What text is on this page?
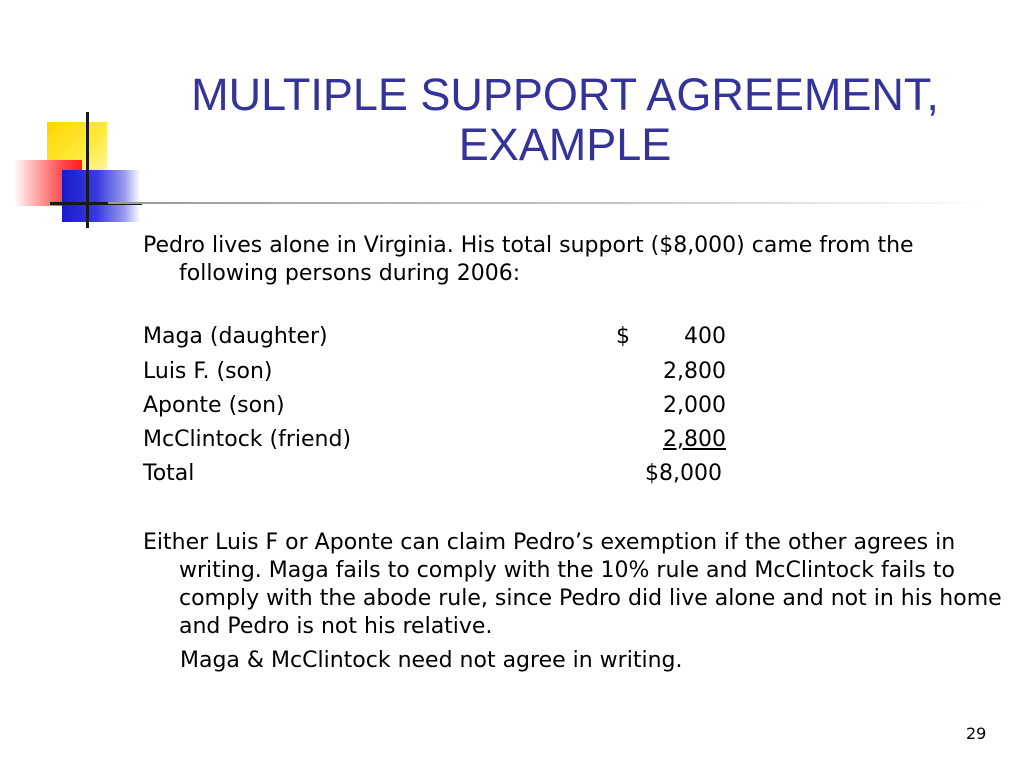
MULTIPLE SUPPORT AGREEMENT,
EXAMPLE
Pedro lives alone in Virginia. His total support ($8,000) came from the following persons during 2006:
Maga (daughter)	$ 400
Luis F. (son)	2,800
Aponte (son)	2,000
McClintock (friend)	2,800
Total	$8,000
Either Luis F or Aponte can claim Pedro’s exemption if the other agrees in writing. Maga fails to comply with the 10% rule and McClintock fails to comply with the abode rule, since Pedro did live alone and not in his home and Pedro is not his relative.
Maga & McClintock need not agree in writing.
29
